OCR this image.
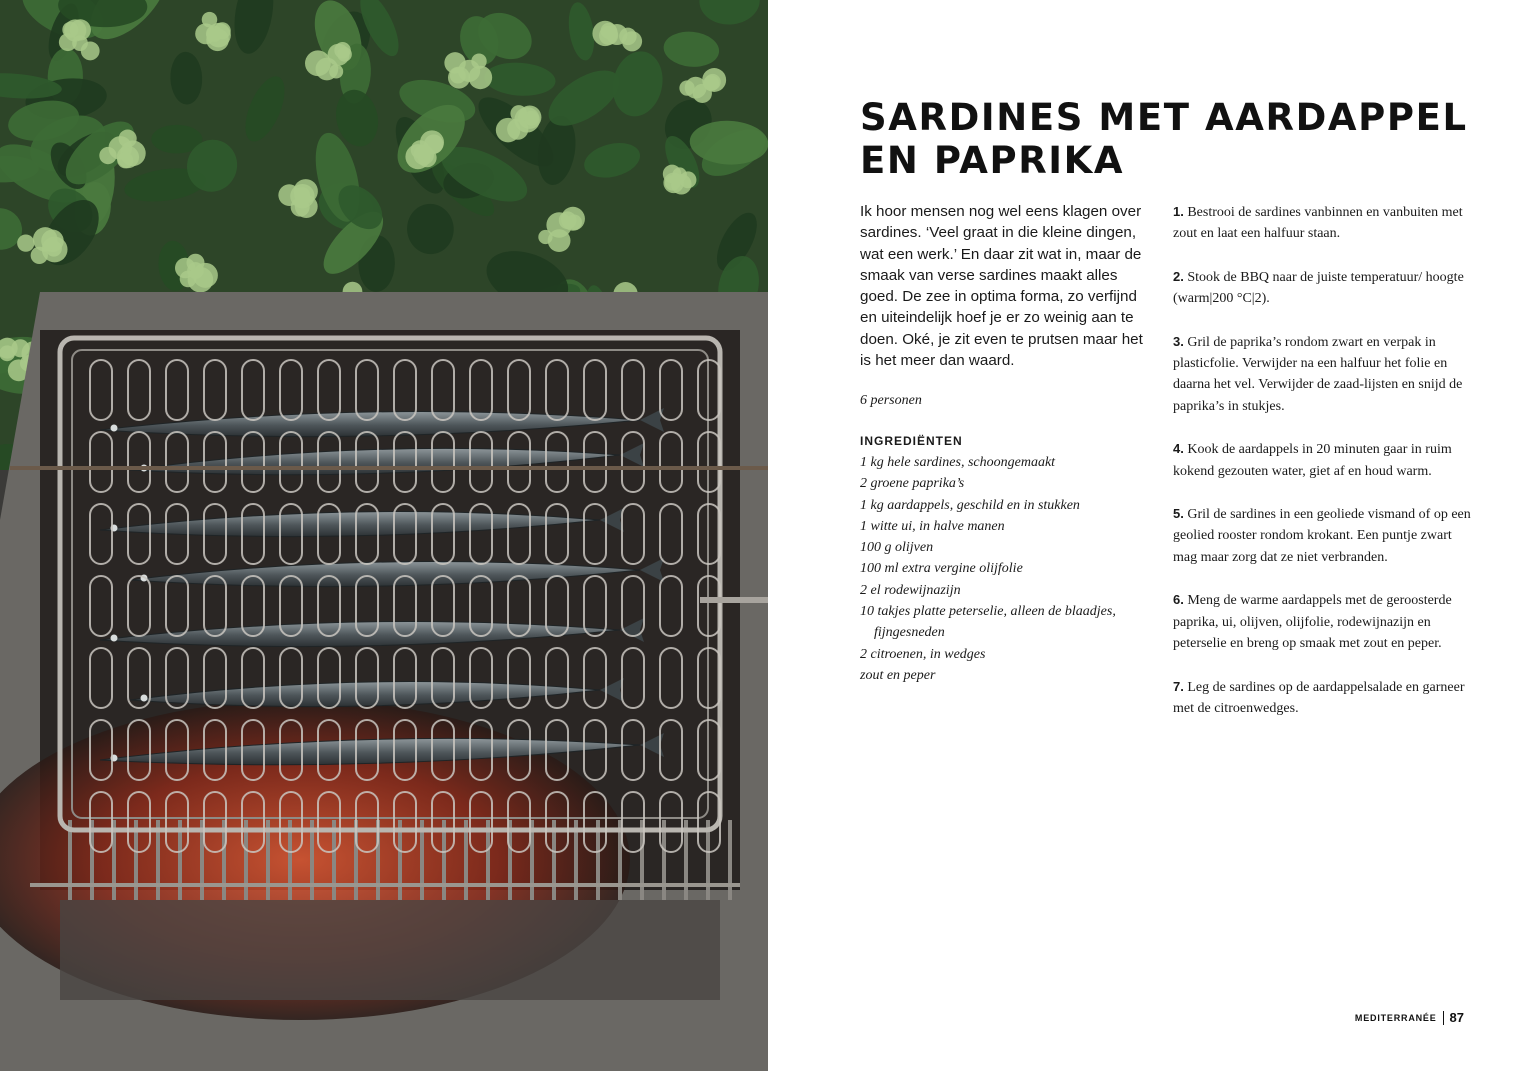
SARDINES MET AARDAPPEL
EN PAPRIKA

Ik hoor mensen nog wel eens klagen over sardines. ‘Veel graat in die kleine dingen, wat een werk.’ En daar zit wat in, maar de smaak van verse sardines maakt alles goed. De zee in optima forma, zo verfijnd en uiteindelijk hoef je er zo weinig aan te doen. Oké, je zit even te prutsen maar het is het meer dan waard.

6 personen

INGREDIËNTEN
1 kg hele sardines, schoongemaakt
2 groene paprika’s
1 kg aardappels, geschild en in stukken
1 witte ui, in halve manen
100 g olijven
100 ml extra vergine olijfolie
2 el rodewijnazijn
10 takjes platte peterselie, alleen de blaadjes, fijngesneden
2 citroenen, in wedges
zout en peper
1. Bestrooi de sardines vanbinnen en vanbuiten met zout en laat een halfuur staan.
2. Stook de BBQ naar de juiste temperatuur/ hoogte (warm|200 °C|2).
3. Gril de paprika’s rondom zwart en verpak in plasticfolie. Verwijder na een halfuur het folie en daarna het vel. Verwijder de zaad-lijsten en snijd de paprika’s in stukjes.
4. Kook de aardappels in 20 minuten gaar in ruim kokend gezouten water, giet af en houd warm.
5. Gril de sardines in een geoliede vismand of op een geolied rooster rondom krokant. Een puntje zwart mag maar zorg dat ze niet verbranden.
6. Meng de warme aardappels met de geroosterde paprika, ui, olijven, olijfolie, rodewijnazijn en peterselie en breng op smaak met zout en peper.
7. Leg de sardines op de aardappelsalade en garneer met de citroenwedges.
MEDITERRANÉE 87
